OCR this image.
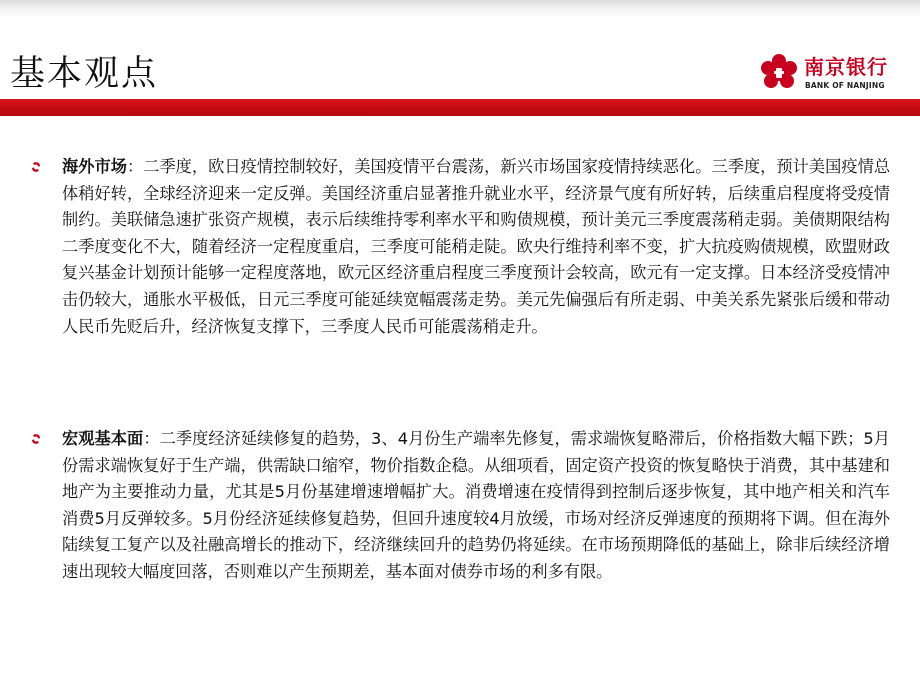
基本观点	南京银行
BANK OF NANJING

海外市场：二季度，欧日疫情控制较好，美国疫情平台震荡，新兴市场国家疫情持续恶化。三季度，预计美国疫情总体稍好转，全球经济迎来一定反弹。美国经济重启显著推升就业水平，经济景气度有所好转，后续重启程度将受疫情制约。美联储急速扩张资产规模，表示后续维持零利率水平和购债规模，预计美元三季度震荡稍走弱。美债期限结构二季度变化不大，随着经济一定程度重启，三季度可能稍走陡。欧央行维持利率不变，扩大抗疫购债规模，欧盟财政复兴基金计划预计能够一定程度落地，欧元区经济重启程度三季度预计会较高，欧元有一定支撑。日本经济受疫情冲击仍较大，通胀水平极低，日元三季度可能延续宽幅震荡走势。美元先偏强后有所走弱、中美关系先紧张后缓和带动人民币先贬后升，经济恢复支撑下，三季度人民币可能震荡稍走升。

宏观基本面：二季度经济延续修复的趋势，3、4月份生产端率先修复，需求端恢复略滞后，价格指数大幅下跌；5月份需求端恢复好于生产端，供需缺口缩窄，物价指数企稳。从细项看，固定资产投资的恢复略快于消费，其中基建和地产为主要推动力量，尤其是5月份基建增速增幅扩大。消费增速在疫情得到控制后逐步恢复，其中地产相关和汽车消费5月反弹较多。5月份经济延续修复趋势，但回升速度较4月放缓，市场对经济反弹速度的预期将下调。但在海外陆续复工复产以及社融高增长的推动下，经济继续回升的趋势仍将延续。在市场预期降低的基础上，除非后续经济增速出现较大幅度回落，否则难以产生预期差，基本面对债券市场的利多有限。
